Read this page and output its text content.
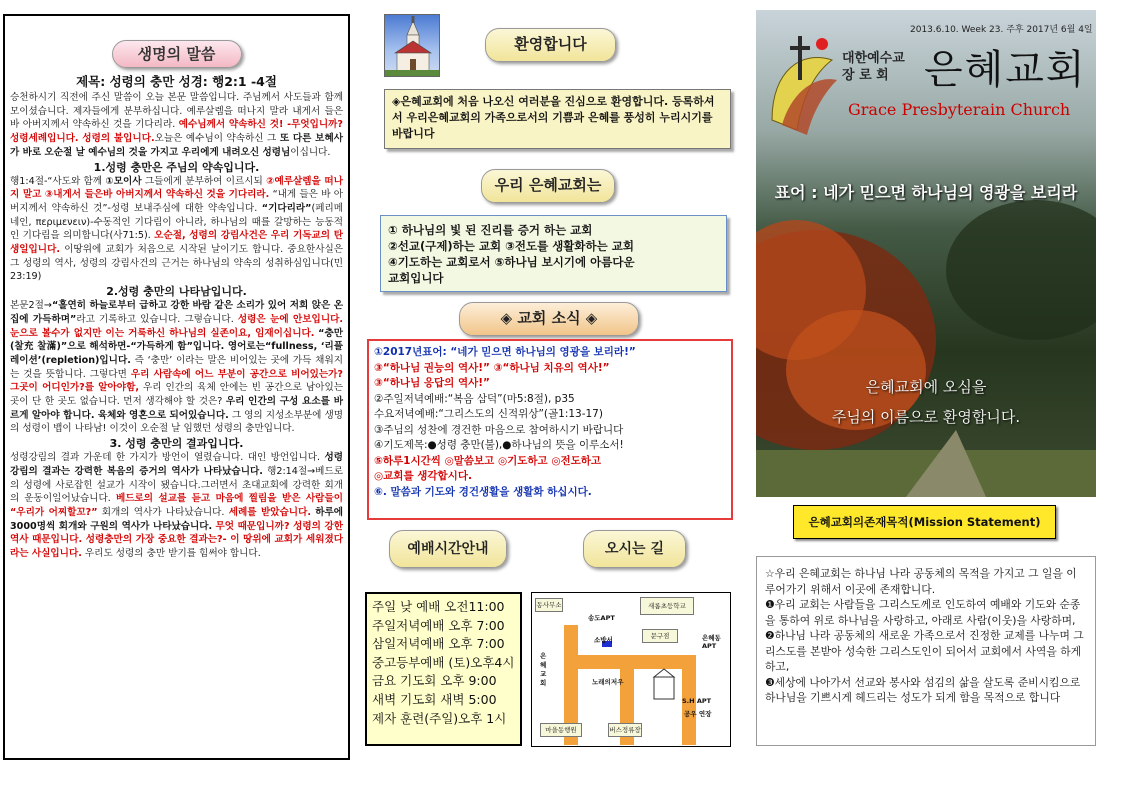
생명의 말씀
제목: 성령의 충만 성경: 행2:1 -4절

승천하시기 직전에 주신 말씀이 오늘 본문 말씀입니다. 주님께서 사도들과 함께 모이셨습니다. 제자들에게 분부하십니다. 예루살렘을 떠나지 말라 내게서 들은 바 아버지께서 약속하신 것을 기다리라. 예수님께서 약속하신 것! -무엇입니까? 성령세례입니다. 성령의 불입니다.오늘은 예수님이 약속하신 그 또 다른 보혜사가 바로 오순절 날 예수님의 것을 가지고 우리에게 내려오신 성령님이십니다.

1.성령 충만은 주님의 약속입니다.

행1:4절-“사도와 함께 ①모이사 그들에게 분부하여 이르시되 ②예루살렘을 떠나지 말고 ③내게서 들은바 아버지께서 약속하신 것을 기다리라. “내게 들은 바 아버지께서 약속하신 것”-성령 보내주심에 대한 약속입니다. “기다리라”(페리메네인, περιμενειν)-수동적인 기다림이 아니라, 하나님의 때를 갈망하는 능동적인 기다림을 의미합니다(사71:5). 오순절, 성령의 강림사건은 우리 기독교의 탄생일입니다. 이땅위에 교회가 처음으로 시작된 날이기도 합니다. 중요한사실은 그 성령의 역사, 성령의 강림사건의 근거는 하나님의 약속의 성취하심입니다(민23:19)

2.성령 충만의 나타남입니다.

본문2절→“홀연히 하늘로부터 급하고 강한 바람 같은 소리가 있어 저희 앉은 온 집에 가득하며”라고 기록하고 있습니다. 그렇습니다. 성령은 눈에 안보입니다. 눈으로 볼수가 없지만 이는 거룩하신 하나님의 실존이요, 임재이십니다. “충만(찰充 찰滿)”으로 해석하면-“가득하게 함”입니다. 영어로는“fullness, ‘리플레이션’(repletion)입니다. 즉 ‘충만’ 이라는 말은 비어있는 곳에 가득 채워지는 것을 뜻합니다. 그렇다면 우리 사람속에 어느 부분이 공간으로 비어있는가? 그곳이 어디인가?를 알아야함, 우리 인간의 육체 안에는 빈 공간으로 남아있는 곳이 단 한 곳도 없습니다. 먼저 생각해야 할 것은? 우리 인간의 구성 요소를 바르게 알아야 합니다. 육체와 영혼으로 되어있습니다. 그 영의 지성소부분에 생명의 성령이 뱁이 나타남! 이것이 오순절 날 임했던 성령의 충만입니다.

3. 성령 충만의 결과입니다.

성령강림의 결과 가운데 한 가지가 방언이 열렸습니다. 대인 방언입니다. 성령 강림의 결과는 강력한 복음의 증거의 역사가 나타났습니다. 행2:14절→베드로의 성령에 사로잡힌 설교가 시작이 됐습니다.그러면서 초대교회에 강력한 회개의 운동이일어났습니다. 베드로의 설교를 듣고 마음에 찔림을 받은 사람들이 “우리가 어찌할꼬?” 회개의 역사가 나타났습니다. 세례를 받았습니다. 하루에 3000명씩 회개와 구원의 역사가 나타났습니다. 무엇 때문입니까? 성령의 강한 역사 때문입니다. 성령충만의 가장 중요한 결과는?- 이 땅위에 교회가 세워졌다라는 사실입니다. 우리도 성령의 충만 받기를 힘써야 합니다.

환영합니다
◈은혜교회에 처음 나오신 여러분을 진심으로 환영합니다. 등록하셔서 우리은혜교회의 가족으로서의 기쁨과 은혜를 풍성히 누리시기를 바랍니다
우리 은혜교회는
① 하나님의 빛 된 진리를 증거 하는 교회
②선교(구제)하는 교회 ③전도를 생활화하는 교회
④기도하는 교회로서 ⑤하나님 보시기에 아름다운
교회입니다
◈ 교회 소식 ◈
①2017년표어: “네가 믿으면 하나님의 영광을 보리라!”
③“하나님 권능의 역사!” ③“하나님 치유의 역사!”
③“하나님 응답의 역사!”
②주일저녁예배:“복음 삼덕”(마5:8절), p35
수요저녁예배:“그리스도의 신적위상”(골1:13-17)
③주님의 성찬에 경건한 마음으로 참여하시기 바랍니다
④기도제목:●성령 충만(불),●하나님의 뜻을 이루소서!
⑤하루1시간씩 ◎말씀보고 ◎기도하고 ◎전도하고
◎교회를 생각합시다.
⑥. 말씀과 기도와 경건생활을 생활화 하십시다.
예배시간안내	오시는 길
주일 낮 예배 오전11:00
주일저녁예배 오후 7:00
삼일저녁예배 오후 7:00
중고등부예배 (토)오후4시
금요 기도회 오후 9:00
새벽 기도회 새벽 5:00
제자 훈련(주일)오후 1시
동사무소
송도APT
새롬초등학교
소방서	문구점	은혜동 APT
은혜교회	노래의저우
S.H APT
공우 연장
마을동행원	버스정류장
2013.6.10. Week 23. 주후 2017년 6월 4일
대한예수교
장 로 회 은혜교회
Grace Presbyterain Church
표어 : 네가 믿으면 하나님의 영광을 보리라
은혜교회에 오심을
주님의 이름으로 환영합니다.
은혜교회의존재목적(Mission Statement)

☆우리 은혜교회는 하나님 나라 공동체의 목적을 가지고 그 일을 이루어가기 위해서 이곳에 존재합니다.

❶우리 교회는 사람들을 그리스도께로 인도하여 예배와 기도와 순종을 통하여 위로 하나님을 사랑하고, 아래로 사람(이웃)을 사랑하며,

❷하나님 나라 공동체의 새로운 가족으로서 진정한 교제를 나누며 그리스도를 본받아 성숙한 그리스도인이 되어서 교회에서 사역을 하게하고,

❸세상에 나아가서 선교와 봉사와 섬김의 삶을 살도록 준비시킴으로 하나님을 기쁘시게 헤드리는 성도가 되게 함을 목적으로 합니다
